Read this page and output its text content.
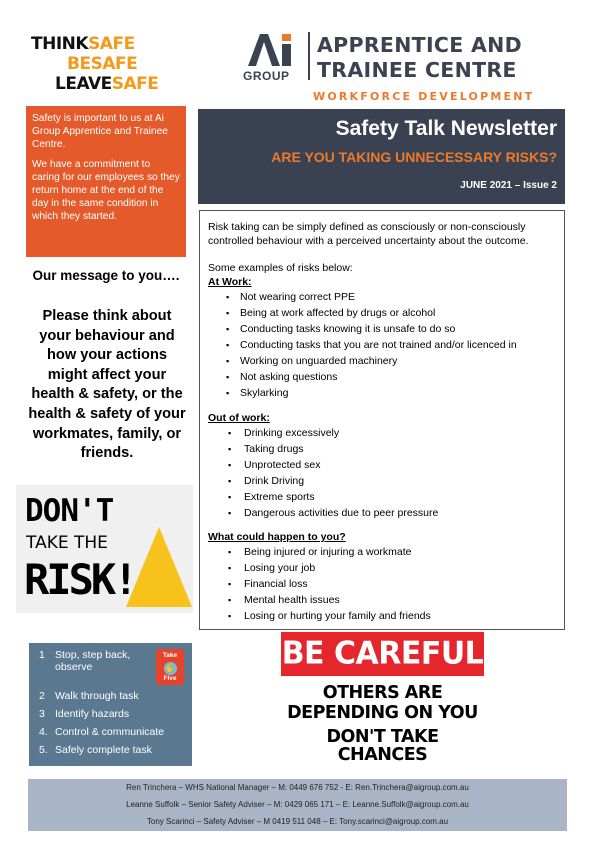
THINKSAFE
BESAFE
LEAVESAFE	GROUP
APPRENTICE AND
TRAINEE CENTRE
WORKFORCE DEVELOPMENT

Safety is important to us at Ai Group Apprentice and Trainee Centre.

We have a commitment to caring for our employees so they return home at the end of the day in the same condition in which they started.

Our message to you….
Please think about your behaviour and how your actions might affect your health & safety, or the health & safety of your workmates, family, or friends.
DON'T
TAKE THE
RISK!
Safety Talk Newsletter
ARE YOU TAKING UNNECESSARY RISKS?
JUNE 2021 – Issue 2

Risk taking can be simply defined as consciously or non-consciously controlled behaviour with a perceived uncertainty about the outcome.

Some examples of risks below:

At Work:

▪ Not wearing correct PPE
▪ Being at work affected by drugs or alcohol
▪ Conducting tasks knowing it is unsafe to do so
▪ Conducting tasks that you are not trained and/or licenced in
▪ Working on unguarded machinery
▪ Not asking questions
▪ Skylarking

Out of work:

▪ Drinking excessively
▪ Taking drugs
▪ Unprotected sex
▪ Drink Driving
▪ Extreme sports
▪ Dangerous activities due to peer pressure

What could happen to you?

▪ Being injured or injuring a workmate
▪ Losing your job
▪ Financial loss
▪ Mental health issues
▪ Losing or hurting your family and friends
Take
✋
Five
1 Stop, step back, observe
2 Walk through task
3 Identify hazards
4. Control & communicate
5. Safely complete task
BE CAREFUL
OTHERS ARE
DEPENDING ON YOU
DON'T TAKE
CHANCES
Ren Trinchera – WHS National Manager – M: 0449 676 752 - E: Ren.Trinchera@aigroup.com.au
Leanne Suffolk – Senior Safety Adviser – M: 0429 065 171 – E: Leanne.Suffolk@aigroup.com.au
Tony Scarinci – Safety Adviser – M 0419 511 048 – E: Tony.scarinci@aigroup.com.au
